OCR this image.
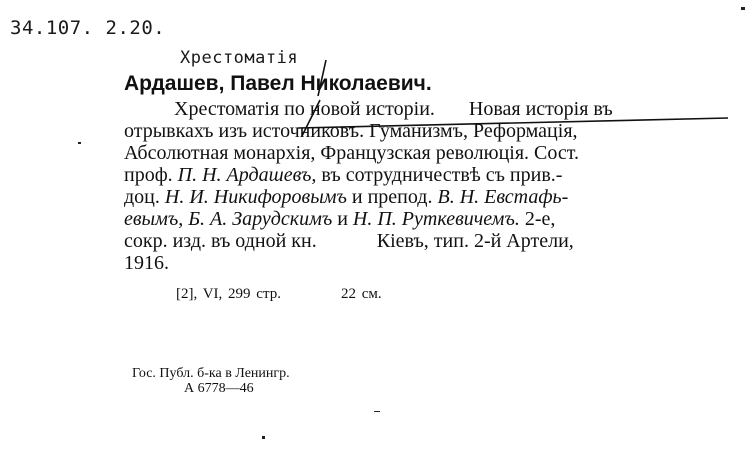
34.107. 2.20.
Хрестоматія
Ардашев, Павел Николаевич.
Хрестоматія по новой исторіи. Новая исторія въ
отрывкахъ изъ источниковъ. Гуманизмъ, Реформація,
Абсолютная монархія, Французская революція. Сост.
проф. П. Н. Ардашевъ, въ сотрудничествѣ съ прив.-
доц. Н. И. Никифоровымъ и препод. В. Н. Евстафь-
евымъ, Б. А. Зарудскимъ и Н. П. Руткевичемъ. 2-е,
сокр. изд. въ одной кн.	Кіевъ, тип. 2-й Артели,
1916.
[2], VI, 299 стр.	22 см.
Гос. Публ. б-ка в Ленингр.
А 6778—46
